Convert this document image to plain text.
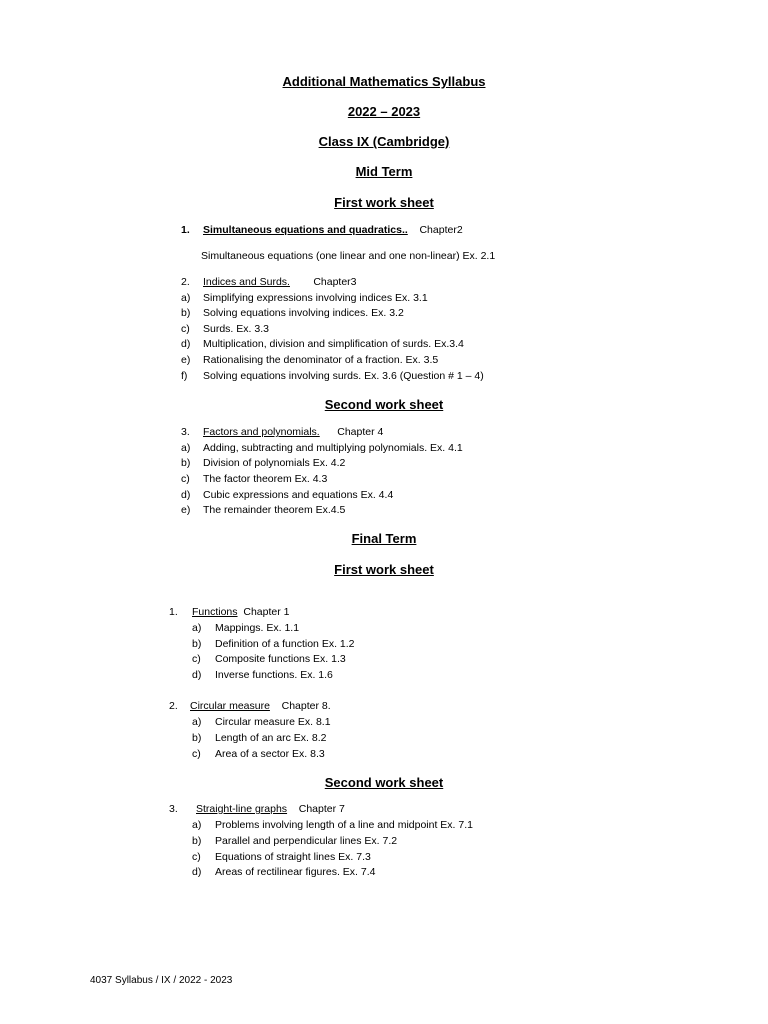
Additional Mathematics Syllabus
2022 – 2023
Class IX (Cambridge)
Mid Term
First work sheet
1. Simultaneous equations and quadratics.. Chapter2
Simultaneous equations (one linear and one non-linear) Ex. 2.1
2. Indices and Surds. Chapter3
a) Simplifying expressions involving indices Ex. 3.1
b) Solving equations involving indices. Ex. 3.2
c) Surds. Ex. 3.3
d) Multiplication, division and simplification of surds. Ex.3.4
e) Rationalising the denominator of a fraction. Ex. 3.5
f) Solving equations involving surds. Ex. 3.6 (Question # 1 – 4)
Second work sheet
3. Factors and polynomials. Chapter 4
a) Adding, subtracting and multiplying polynomials. Ex. 4.1
b) Division of polynomials Ex. 4.2
c) The factor theorem Ex. 4.3
d) Cubic expressions and equations Ex. 4.4
e) The remainder theorem Ex.4.5
Final Term
First work sheet
1. Functions Chapter 1
a) Mappings. Ex. 1.1
b) Definition of a function Ex. 1.2
c) Composite functions Ex. 1.3
d) Inverse functions. Ex. 1.6
2. Circular measure Chapter 8.
a) Circular measure Ex. 8.1
b) Length of an arc Ex. 8.2
c) Area of a sector Ex. 8.3
Second work sheet
3. Straight-line graphs Chapter 7
a) Problems involving length of a line and midpoint Ex. 7.1
b) Parallel and perpendicular lines Ex. 7.2
c) Equations of straight lines Ex. 7.3
d) Areas of rectilinear figures. Ex. 7.4
4037 Syllabus / IX / 2022 - 2023
